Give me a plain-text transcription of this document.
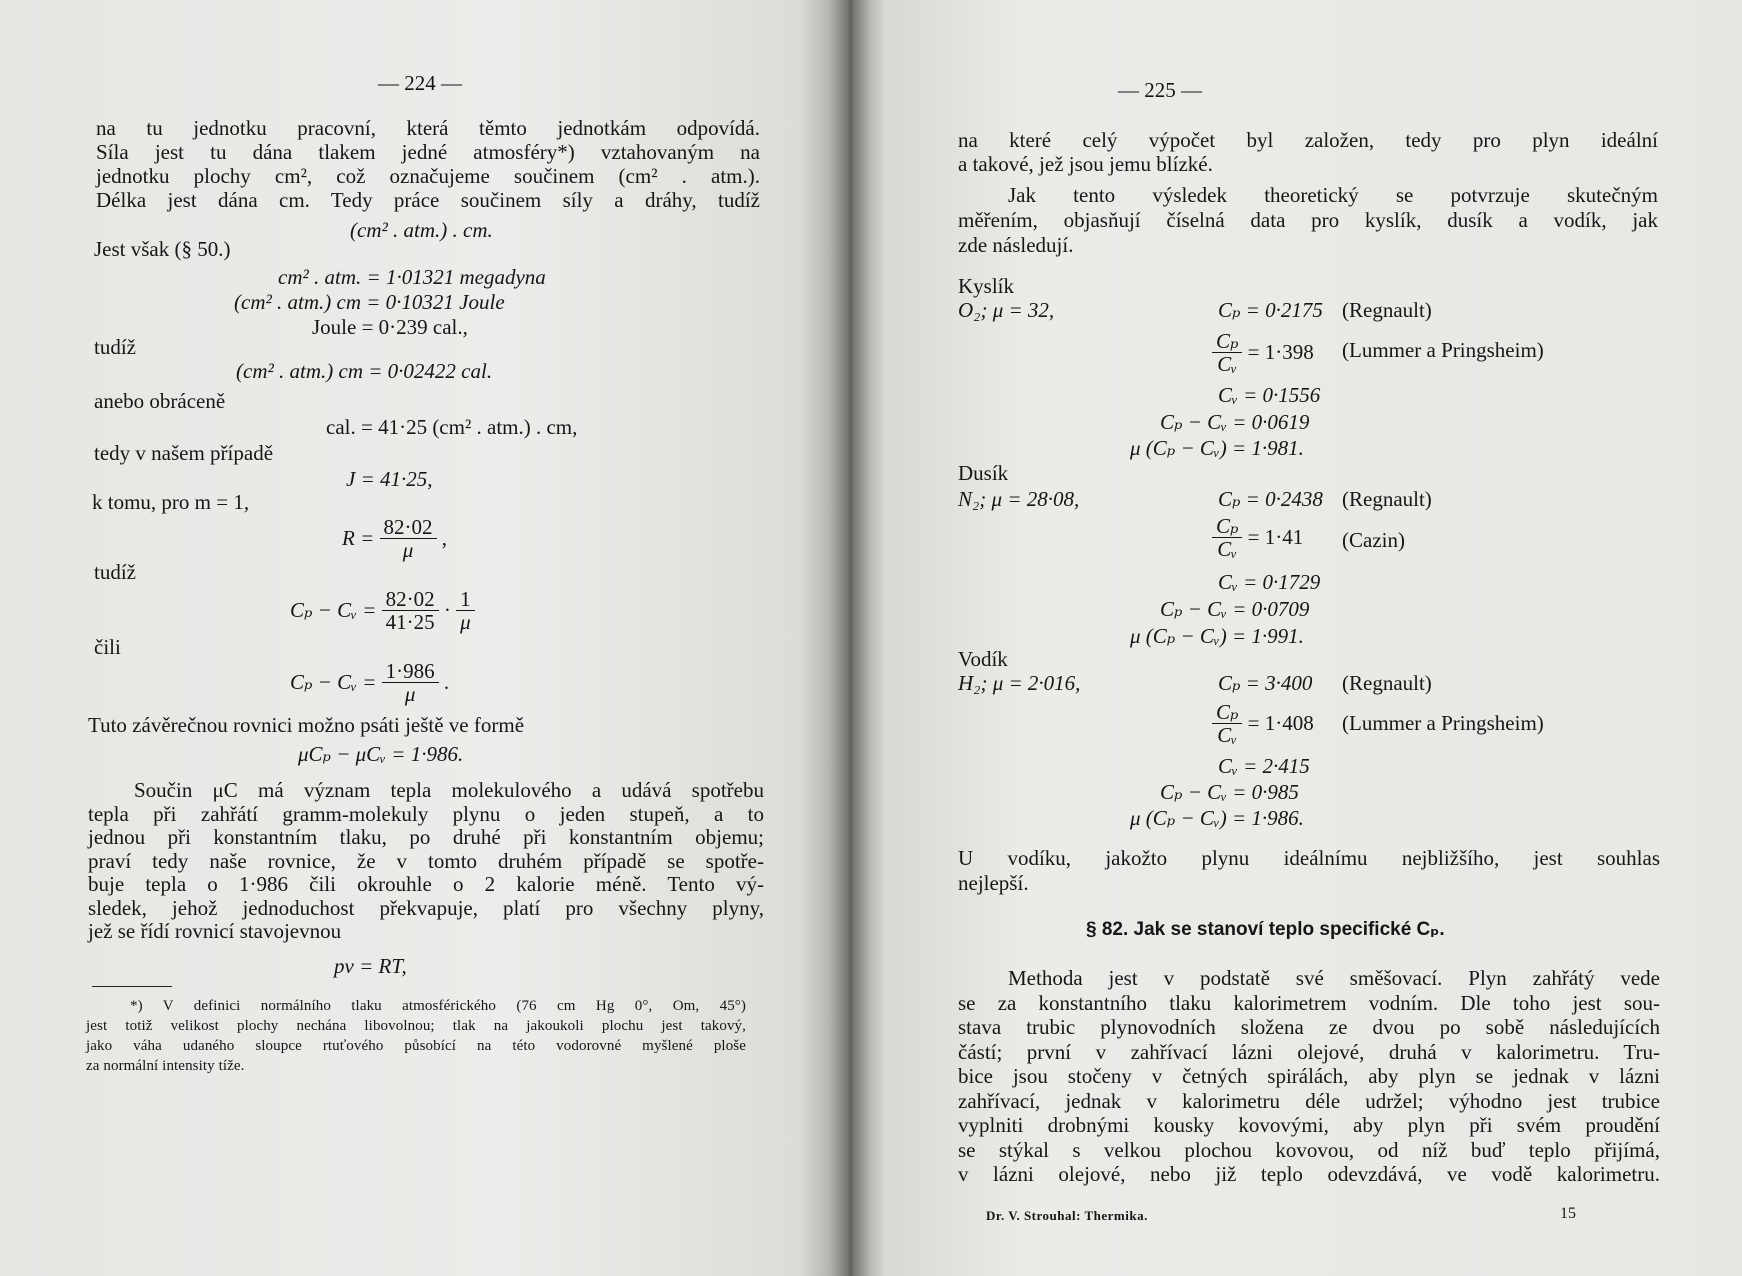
— 224 —
na tu jednotku pracovní, která těmto jednotkám odpovídá.
Síla jest tu dána tlakem jedné atmosféry*) vztahovaným na
jednotku plochy cm², což označujeme součinem (cm² . atm.).
Délka jest dána cm. Tedy práce součinem síly a dráhy, tudíž
(cm² . atm.) . cm.
Jest však (§ 50.)
cm² . atm. = 1·01321 megadyna
(cm² . atm.) cm = 0·10321 Joule
Joule = 0·239 cal.,
tudíž
(cm² . atm.) cm = 0·02422 cal.
anebo obráceně
cal. = 41·25 (cm² . atm.) . cm,
tedy v našem případě
J = 41·25,
k tomu, pro m = 1,
$R = \frac{82\cdot 02}{\mu}$ ,
tudíž
Cₚ − Cᵥ = $\frac{82\cdot 02}{41\cdot 25} \cdot \frac{1}{\mu}$
čili
Cₚ − Cᵥ = $\frac{1\cdot 986}{\mu}$ .
Tuto závěrečnou rovnici možno psáti ještě ve formě
μCₚ − μCᵥ = 1·986.
Součin μC má význam tepla molekulového a udává spotřebu
tepla při zahřátí gramm-molekuly plynu o jeden stupeň, a to
jednou při konstantním tlaku, po druhé při konstantním objemu;
praví tedy naše rovnice, že v tomto druhém případě se spotře-
buje tepla o 1·986 čili okrouhle o 2 kalorie méně. Tento vý-
sledek, jehož jednoduchost překvapuje, platí pro všechny plyny,
jež se řídí rovnicí stavojevnou
pv = RT,
*) V definici normálního tlaku atmosférického (76 cm Hg 0°, Om, 45°)
jest totiž velikost plochy nechána libovolnou; tlak na jakoukoli plochu jest takový,
jako váha udaného sloupce rtuťového působící na této vodorovné myšlené ploše
za normální intensity tíže.
— 225 —
na které celý výpočet byl založen, tedy pro plyn ideální
a takové, jež jsou jemu blízké.
Jak tento výsledek theoretický se potvrzuje skutečným
měřením, objasňují číselná data pro kyslík, dusík a vodík, jak
zde následují.
Kyslík
O₂; μ = 32,	Cₚ = 0·2175 (Regnault)
$\frac{\text{Cₚ}}{\text{Cᵥ}} = 1\cdot 398$ (Lummer a Pringsheim)
Cᵥ = 0·1556
Cₚ − Cᵥ = 0·0619
μ (Cₚ − Cᵥ) = 1·981.
Dusík
N₂; μ = 28·08,	Cₚ = 0·2438 (Regnault)
$\frac{\text{Cₚ}}{\text{Cᵥ}} = 1\cdot 41$ (Cazin)
Cᵥ = 0·1729
Cₚ − Cᵥ = 0·0709
μ (Cₚ − Cᵥ) = 1·991.
Vodík
H₂; μ = 2·016,	Cₚ = 3·400 (Regnault)
$\frac{\text{Cₚ}}{\text{Cᵥ}} = 1\cdot 408$ (Lummer a Pringsheim)
Cᵥ = 2·415
Cₚ − Cᵥ = 0·985
μ (Cₚ − Cᵥ) = 1·986.
U vodíku, jakožto plynu ideálnímu nejbližšího, jest souhlas
nejlepší.
§ 82. Jak se stanoví teplo specifické Cₚ.
Methoda jest v podstatě své směšovací. Plyn zahřátý vede
se za konstantního tlaku kalorimetrem vodním. Dle toho jest sou-
stava trubic plynovodních složena ze dvou po sobě následujících
částí; první v zahřívací lázni olejové, druhá v kalorimetru. Tru-
bice jsou stočeny v četných spirálách, aby plyn se jednak v lázni
zahřívací, jednak v kalorimetru déle udržel; výhodno jest trubice
vyplniti drobnými kousky kovovými, aby plyn při svém proudění
se stýkal s velkou plochou kovovou, od níž buď teplo přijímá,
v lázni olejové, nebo již teplo odevzdává, ve vodě kalorimetru.
Dr. V. Strouhal: Thermika.	15
